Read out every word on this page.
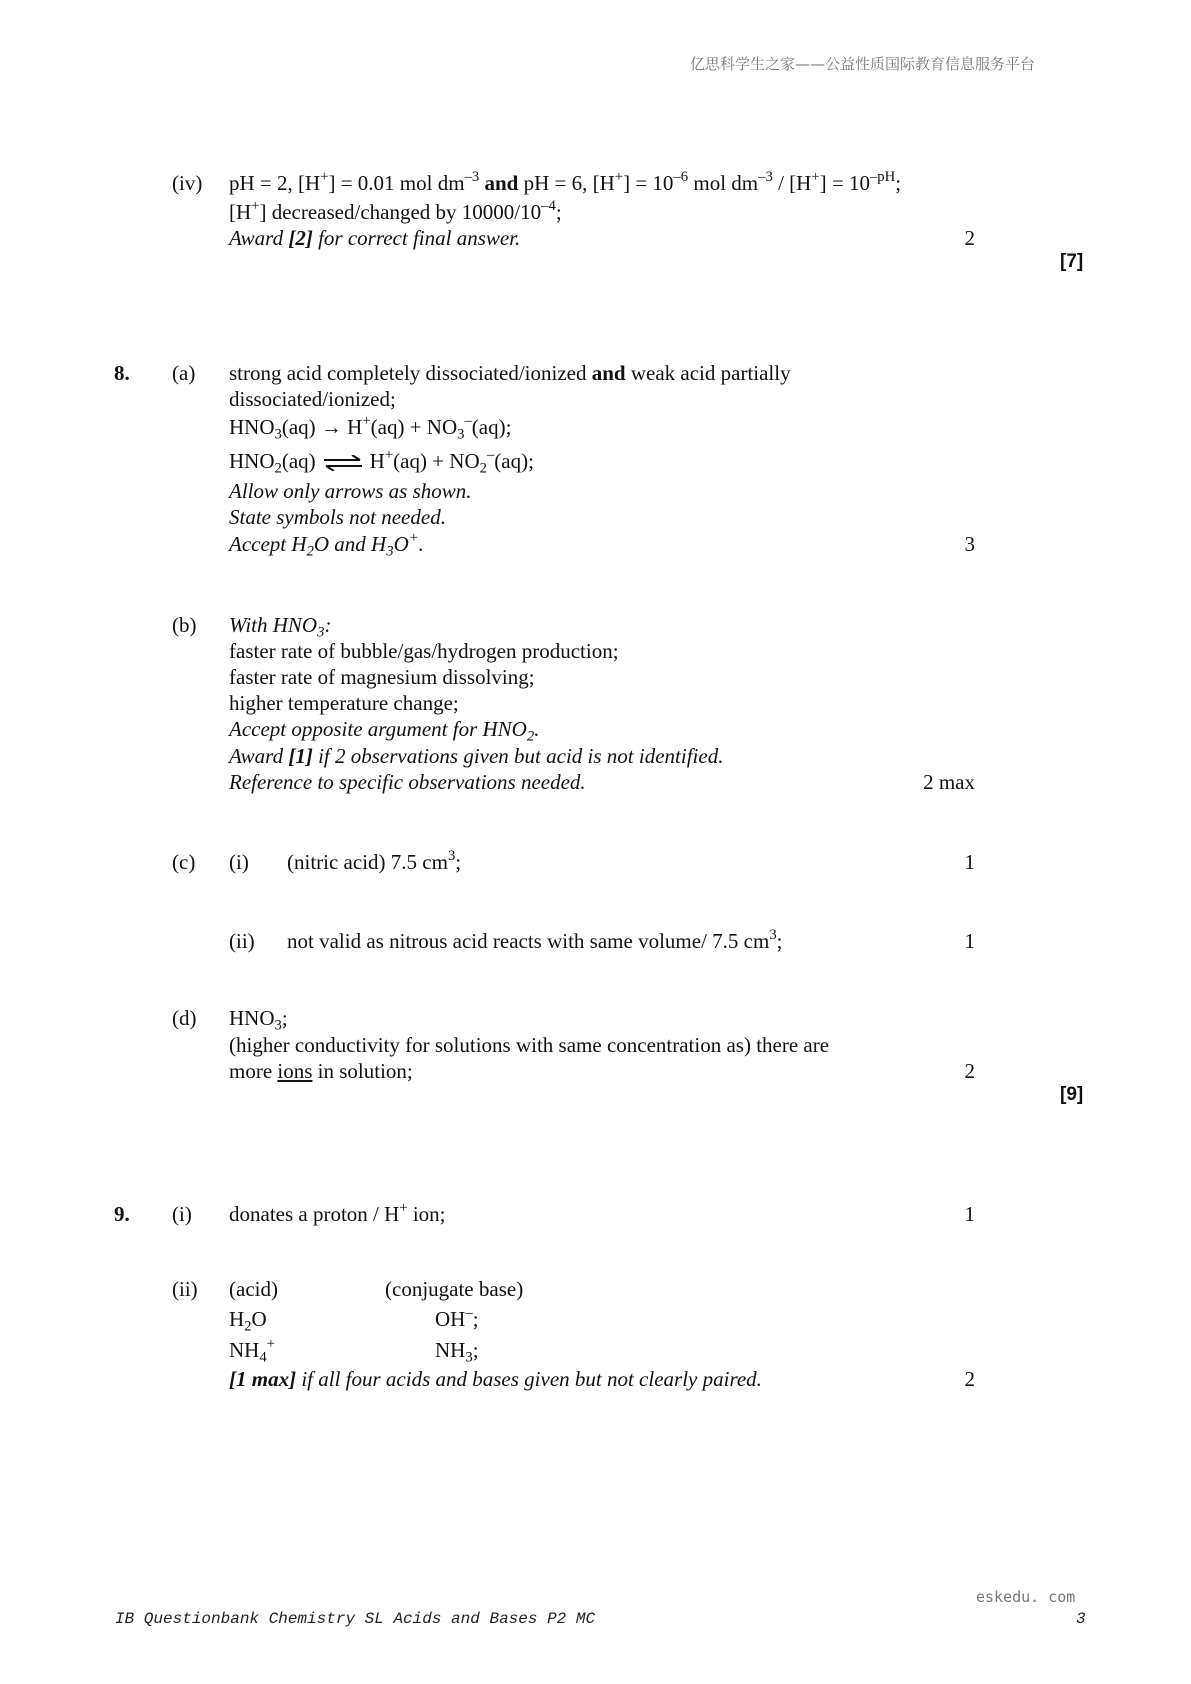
亿思科学生之家——公益性质国际教育信息服务平台
(iv) pH = 2, [H+] = 0.01 mol $dm^{-3}$ and pH = 6, $[H^+] = 10^{-6}$ mol $dm^{-3} / [H^+] = 10^{-pH}$;
[H+] decreased/changed by $10000/10^{-4}$;
Award [2] for correct final answer.	2
[7]
8. (a) strong acid completely dissociated/ionized and weak acid partially
dissociated/ionized;
$HNO_3(aq) \to H^+(aq) + NO_3^-(aq)$;
$HNO_2(aq)$ ⇌ $H^+(aq) + NO_2^-(aq)$;
Allow only arrows as shown.
State symbols not needed.
Accept $H_2O$ and $H_3O^+$.	3
(b) With $HNO_3$:
faster rate of bubble/gas/hydrogen production;
faster rate of magnesium dissolving;
higher temperature change;
Accept opposite argument for $HNO_2$.
Award [1] if 2 observations given but acid is not identified.
Reference to specific observations needed.	2 max
(c) (i) (nitric acid) 7.5 $cm^3$;	1
(ii) not valid as nitrous acid reacts with same volume/ 7.5 $cm^3$;	1
(d) $HNO_3$;
(higher conductivity for solutions with same concentration as) there are
more ions in solution;	2
[9]
9. (i) donates a proton / H+ ion;	1
(ii) (acid)	(conjugate base)
$H_2O$	OH–;
$NH_4^+$	$NH_3$;
[1 max] if all four acids and bases given but not clearly paired.	2
eskedu. com
IB Questionbank Chemistry SL Acids and Bases P2 MC	3
